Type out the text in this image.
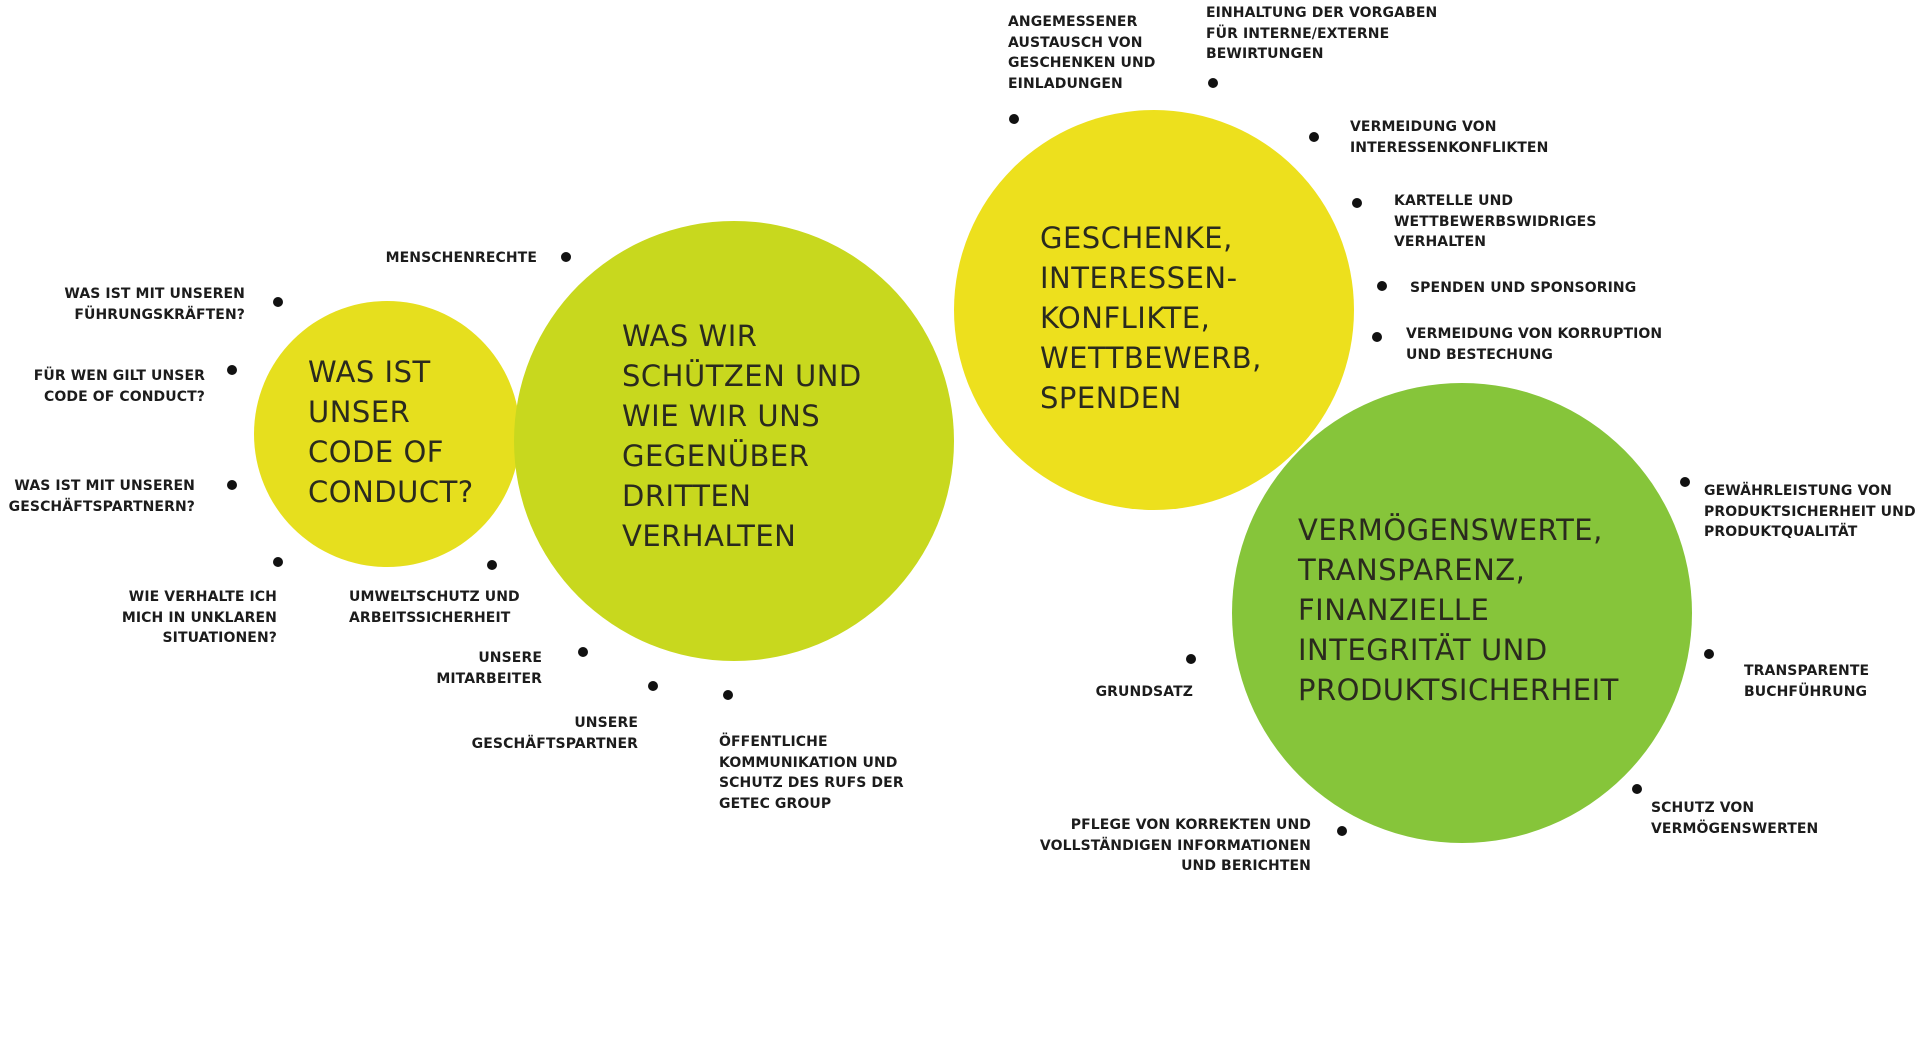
WAS IST
UNSER
CODE OF
CONDUCT?
WAS WIR
SCHÜTZEN UND
WIE WIR UNS
GEGENÜBER
DRITTEN
VERHALTEN
GESCHENKE,
INTERESSEN-
KONFLIKTE,
WETTBEWERB,
SPENDEN
VERMÖGENSWERTE,
TRANSPARENZ,
FINANZIELLE
INTEGRITÄT UND
PRODUKTSICHERHEIT
WAS IST MIT UNSEREN
FÜHRUNGSKRÄFTEN?
FÜR WEN GILT UNSER
CODE OF CONDUCT?
WAS IST MIT UNSEREN
GESCHÄFTSPARTNERN?
WIE VERHALTE ICH
MICH IN UNKLAREN
SITUATIONEN?
MENSCHENRECHTE
UMWELTSCHUTZ UND
ARBEITSSICHERHEIT
UNSERE
MITARBEITER
UNSERE
GESCHÄFTSPARTNER	ÖFFENTLICHE
KOMMUNIKATION UND
SCHUTZ DES RUFS DER
GETEC GROUP
ANGEMESSENER
AUSTAUSCH VON
GESCHENKEN UND
EINLADUNGEN
EINHALTUNG DER VORGABEN
FÜR INTERNE/EXTERNE
BEWIRTUNGEN
VERMEIDUNG VON
INTERESSENKONFLIKTEN
KARTELLE UND
WETTBEWERBSWIDRIGES
VERHALTEN
SPENDEN UND SPONSORING
VERMEIDUNG VON KORRUPTION
UND BESTECHUNG
GEWÄHRLEISTUNG VON
PRODUKTSICHERHEIT UND
PRODUKTQUALITÄT
TRANSPARENTE
BUCHFÜHRUNG
SCHUTZ VON
VERMÖGENSWERTEN
PFLEGE VON KORREKTEN UND
VOLLSTÄNDIGEN INFORMATIONEN
UND BERICHTEN
GRUNDSATZ
